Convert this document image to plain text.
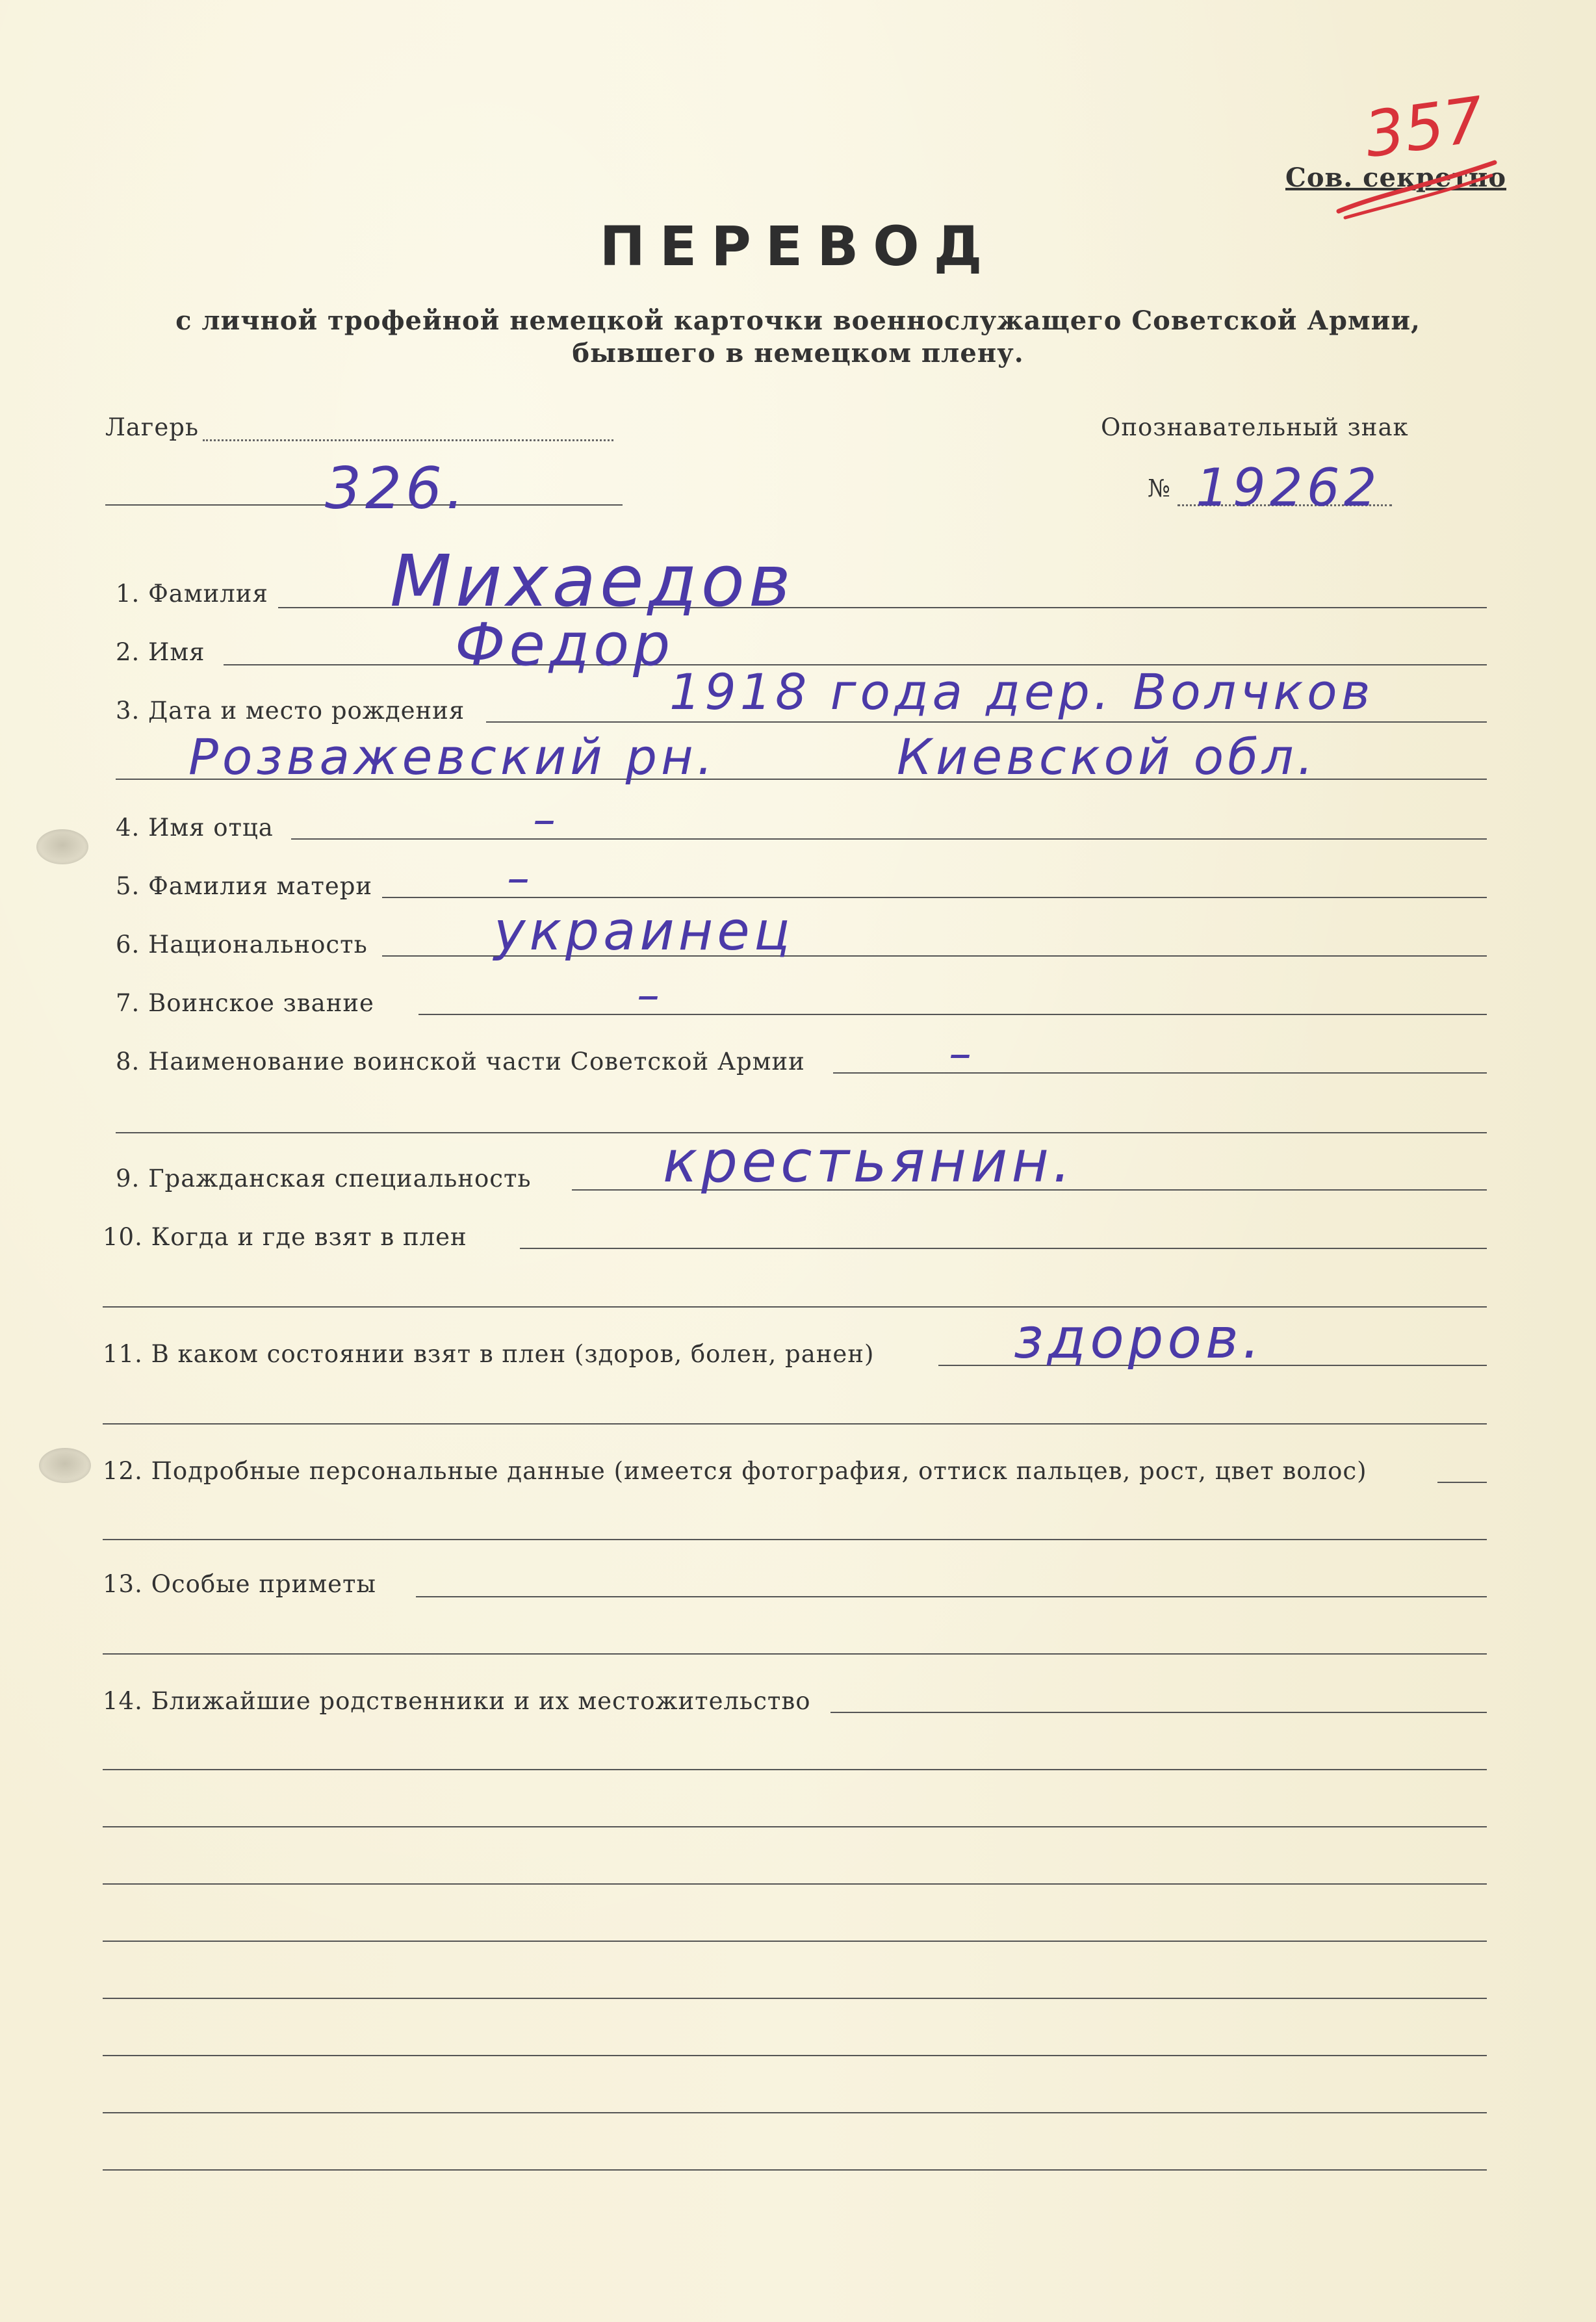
357
Сов. секретно
ПЕРЕВОД
с личной трофейной немецкой карточки военнослужащего Советской Армии,
бывшего в немецком плену.
Лагерь
326.
Опознавательный знак
№ 19262
1. Фамилия Михаедов
2. Имя	Федор
3. Дата и место рождения	1918 года дер. Волчков
Розважевский рн.	Киевской обл.
4. Имя отца	–
5. Фамилия матери	–
6. Национальность украинец
7. Воинское звание	–
8. Наименование воинской части Советской Армии	–
9. Гражданская специальность крестьянин.
10. Когда и где взят в плен
11. В каком состоянии взят в плен (здоров, болен, ранен) здоров.
12. Подробные персональные данные (имеется фотография, оттиск пальцев, рост, цвет волос)
13. Особые приметы
14. Ближайшие родственники и их местожительство
